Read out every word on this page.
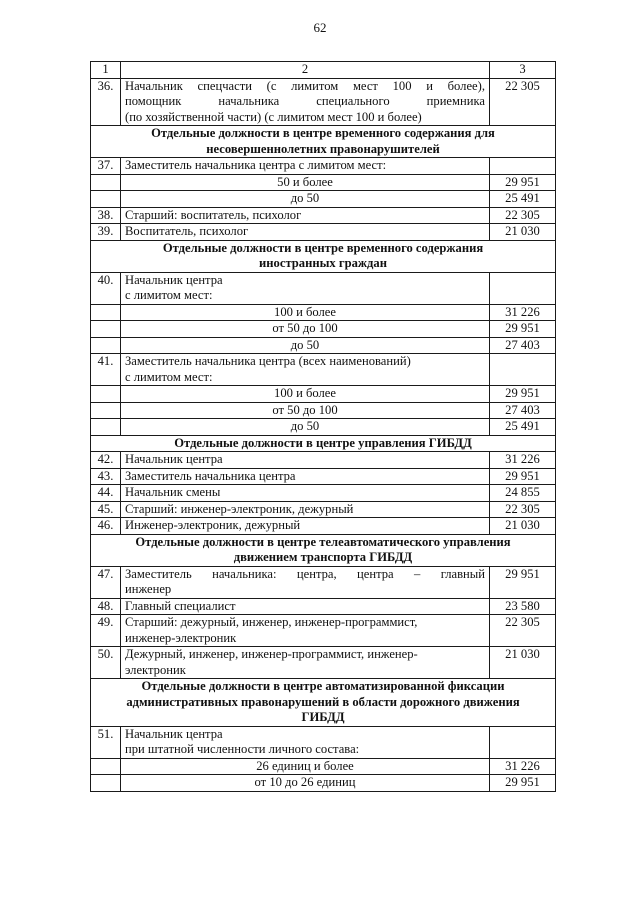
62
1	2	3
36.	Начальник спецчасти (с лимитом мест 100 и более),
помощник начальника специального приемника
(по хозяйственной части) (с лимитом мест 100 и более)	22 305

Отдельные должности в центре временного содержания для
несовершеннолетних правонарушителей		

37.	Заместитель начальника центра с лимитом мест:	

	50 и более	29 951

	до 50	25 491
38.	Старший: воспитатель, психолог	22 305
39.	Воспитатель, психолог	21 030

Отдельные должности в центре временного содержания
иностранных граждан		

40.	Начальник центра
с лимитом мест:	

	100 и более	31 226

	от 50 до 100	29 951

	до 50	27 403
41.	Заместитель начальника центра (всех наименований)
с лимитом мест:	

	100 и более	29 951

	от 50 до 100	27 403

	до 50	25 491

Отдельные должности в центре управления ГИБДД		

42.	Начальник центра	31 226
43.	Заместитель начальника центра	29 951
44.	Начальник смены	24 855
45.	Старший: инженер-электроник, дежурный	22 305
46.	Инженер-электроник, дежурный	21 030

Отдельные должности в центре телеавтоматического управления
движением транспорта ГИБДД		

47.	Заместитель начальника: центра, центра – главный
инженер	29 951
48.	Главный специалист	23 580
49.	Старший: дежурный, инженер, инженер-программист,
инженер-электроник	22 305
50.	Дежурный, инженер, инженер-программист, инженер-
электроник	21 030

Отдельные должности в центре автоматизированной фиксации
административных правонарушений в области дорожного движения
ГИБДД		

51.	Начальник центра
при штатной численности личного состава:	

	26 единиц и более	31 226

	от 10 до 26 единиц	29 951
